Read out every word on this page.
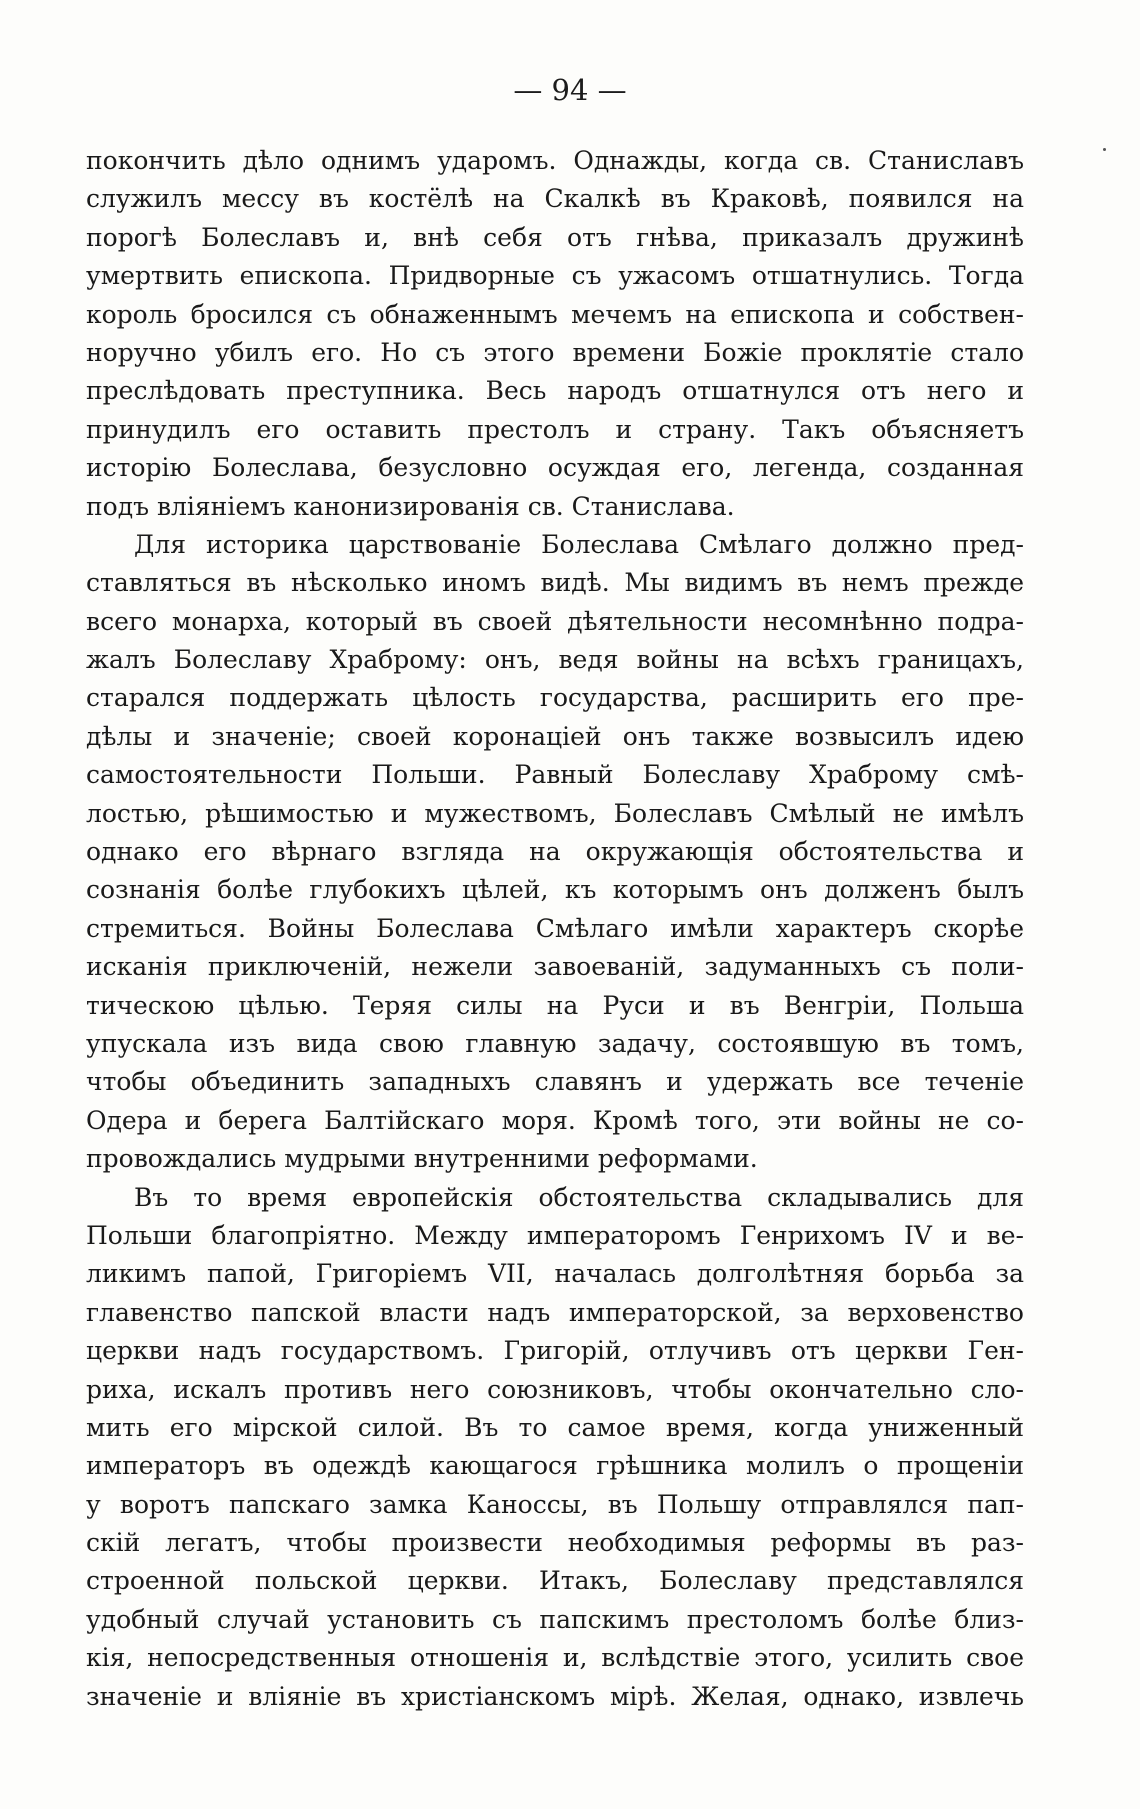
— 94 —
покончить дѣло однимъ ударомъ. Однажды, когда св. Станиславъ
служилъ мессу въ костёлѣ на Скалкѣ въ Краковѣ, появился на
порогѣ Болеславъ и, внѣ себя отъ гнѣва, приказалъ дружинѣ
умертвить епископа. Придворные съ ужасомъ отшатнулись. Тогда
король бросился съ обнаженнымъ мечемъ на епископа и собствен-
норучно убилъ его. Но съ этого времени Божіе проклятіе стало
преслѣдовать преступника. Весь народъ отшатнулся отъ него и
принудилъ его оставить престолъ и страну. Такъ объясняетъ
исторію Болеслава, безусловно осуждая его, легенда, созданная
подъ вліяніемъ канонизированія св. Станислава.
Для историка царствованіе Болеслава Смѣлаго должно пред-
ставляться въ нѣсколько иномъ видѣ. Мы видимъ въ немъ прежде
всего монарха, который въ своей дѣятельности несомнѣнно подра-
жалъ Болеславу Храброму: онъ, ведя войны на всѣхъ границахъ,
старался поддержать цѣлость государства, расширить его пре-
дѣлы и значеніе; своей коронаціей онъ также возвысилъ идею
самостоятельности Польши. Равный Болеславу Храброму смѣ-
лостью, рѣшимостью и мужествомъ, Болеславъ Смѣлый не имѣлъ
однако его вѣрнаго взгляда на окружающія обстоятельства и
сознанія болѣе глубокихъ цѣлей, къ которымъ онъ долженъ былъ
стремиться. Войны Болеслава Смѣлаго имѣли характеръ скорѣе
исканія приключеній, нежели завоеваній, задуманныхъ съ поли-
тическою цѣлью. Теряя силы на Руси и въ Венгріи, Польша
упускала изъ вида свою главную задачу, состоявшую въ томъ,
чтобы объединить западныхъ славянъ и удержать все теченіе
Одера и берега Балтійскаго моря. Кромѣ того, эти войны не со-
провождались мудрыми внутренними реформами.
Въ то время европейскія обстоятельства складывались для
Польши благопріятно. Между императоромъ Генрихомъ IV и ве-
ликимъ папой, Григоріемъ VII, началась долголѣтняя борьба за
главенство папской власти надъ императорской, за верховенство
церкви надъ государствомъ. Григорій, отлучивъ отъ церкви Ген-
риха, искалъ противъ него союзниковъ, чтобы окончательно сло-
мить его мірской силой. Въ то самое время, когда униженный
императоръ въ одеждѣ кающагося грѣшника молилъ о прощеніи
у воротъ папскаго замка Каноссы, въ Польшу отправлялся пап-
скій легатъ, чтобы произвести необходимыя реформы въ раз-
строенной польской церкви. Итакъ, Болеславу представлялся
удобный случай установить съ папскимъ престоломъ болѣе близ-
кія, непосредственныя отношенія и, вслѣдствіе этого, усилить свое
значеніе и вліяніе въ христіанскомъ мірѣ. Желая, однако, извлечь
